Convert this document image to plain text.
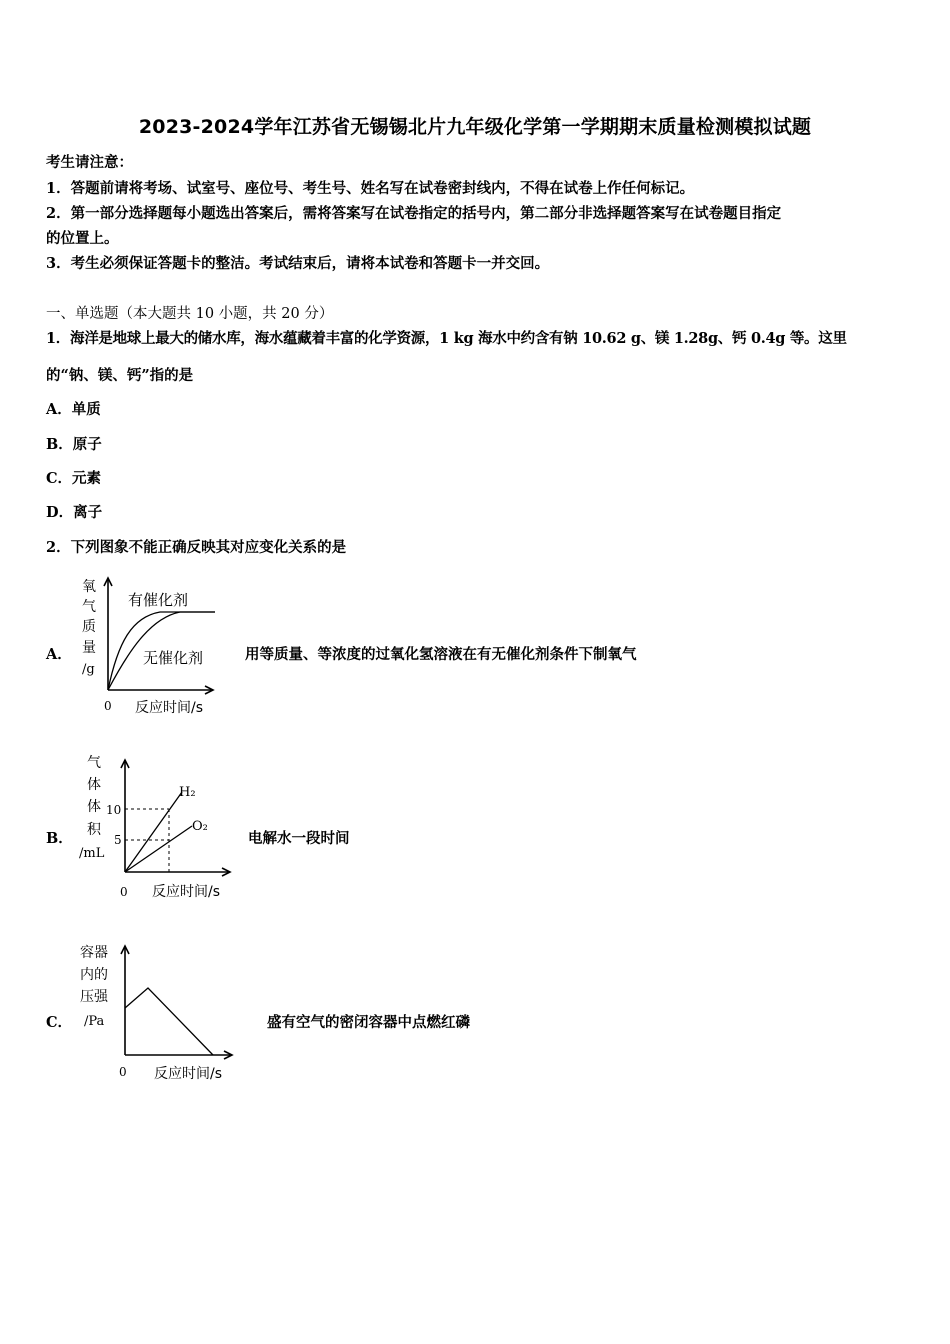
2023-2024学年江苏省无锡锡北片九年级化学第一学期期末质量检测模拟试题
考生请注意：
1．答题前请将考场、试室号、座位号、考生号、姓名写在试卷密封线内，不得在试卷上作任何标记。
2．第一部分选择题每小题选出答案后，需将答案写在试卷指定的括号内，第二部分非选择题答案写在试卷题目指定
的位置上。
3．考生必须保证答题卡的整洁。考试结束后，请将本试卷和答题卡一并交回。
一、单选题（本大题共 10 小题，共 20 分）
1．海洋是地球上最大的储水库，海水蕴藏着丰富的化学资源，1 kg 海水中约含有钠 10.62 g、镁 1.28g、钙 0.4g 等。这里
的“钠、镁、钙”指的是
A．单质
B．原子
C．元素
D．离子
2．下列图象不能正确反映其对应变化关系的是
A．
氧
气
质
量
/g
0 反应时间/s
有催化剂
无催化剂	用等质量、等浓度的过氧化氢溶液在有无催化剂条件下制氧气
B．
气
体
体
积
/mL
10
5
0 反应时间/s
H₂
O₂
电解水一段时间
C．
容器
内的
压强
/Pa
0 反应时间/s
盛有空气的密闭容器中点燃红磷
